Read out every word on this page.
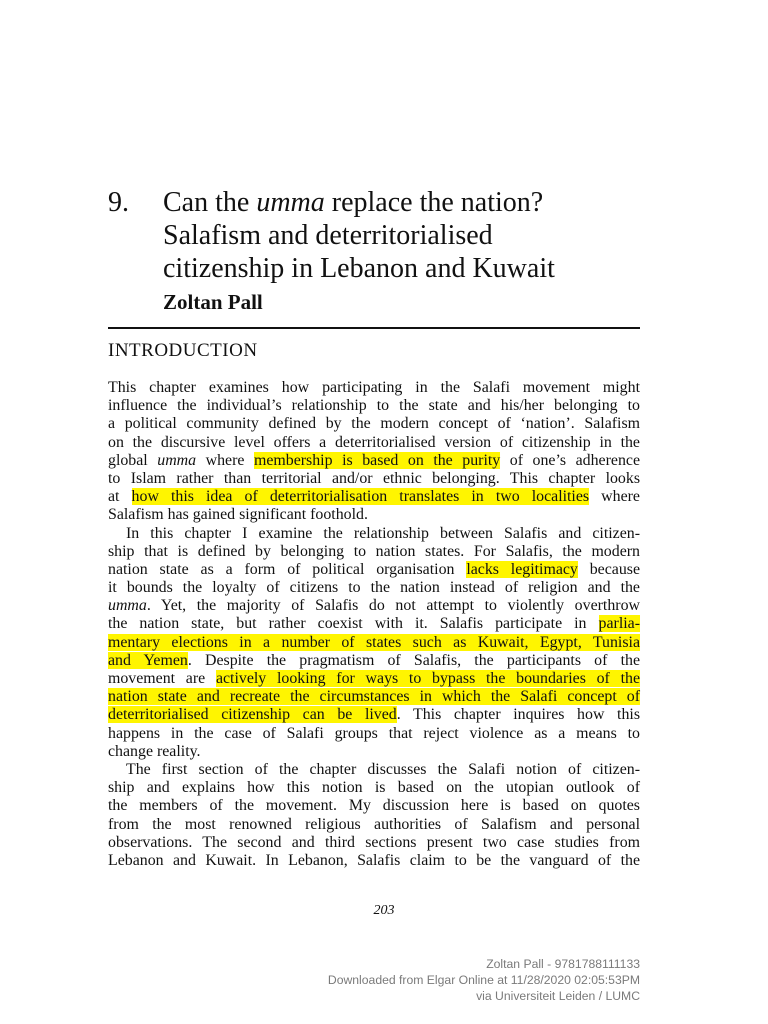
9. Can the umma replace the nation?
Salafism and deterritorialised
citizenship in Lebanon and Kuwait
Zoltan Pall
INTRODUCTION
This chapter examines how participating in the Salafi movement might
influence the individual’s relationship to the state and his/her belonging to
a political community defined by the modern concept of ‘nation’. Salafism
on the discursive level offers a deterritorialised version of citizenship in the
global umma where membership is based on the purity of one’s adherence
to Islam rather than territorial and/or ethnic belonging. This chapter looks
at how this idea of deterritorialisation translates in two localities where
Salafism has gained significant foothold.
In this chapter I examine the relationship between Salafis and citizen-
ship that is defined by belonging to nation states. For Salafis, the modern
nation state as a form of political organisation lacks legitimacy because
it bounds the loyalty of citizens to the nation instead of religion and the
umma. Yet, the majority of Salafis do not attempt to violently overthrow
the nation state, but rather coexist with it. Salafis participate in parlia-
mentary elections in a number of states such as Kuwait, Egypt, Tunisia
and Yemen. Despite the pragmatism of Salafis, the participants of the
movement are actively looking for ways to bypass the boundaries of the
nation state and recreate the circumstances in which the Salafi concept of
deterritorialised citizenship can be lived. This chapter inquires how this
happens in the case of Salafi groups that reject violence as a means to
change reality.
The first section of the chapter discusses the Salafi notion of citizen-
ship and explains how this notion is based on the utopian outlook of
the members of the movement. My discussion here is based on quotes
from the most renowned religious authorities of Salafism and personal
observations. The second and third sections present two case studies from
Lebanon and Kuwait. In Lebanon, Salafis claim to be the vanguard of the
203
Zoltan Pall - 9781788111133
Downloaded from Elgar Online at 11/28/2020 02:05:53PM
via Universiteit Leiden / LUMC
